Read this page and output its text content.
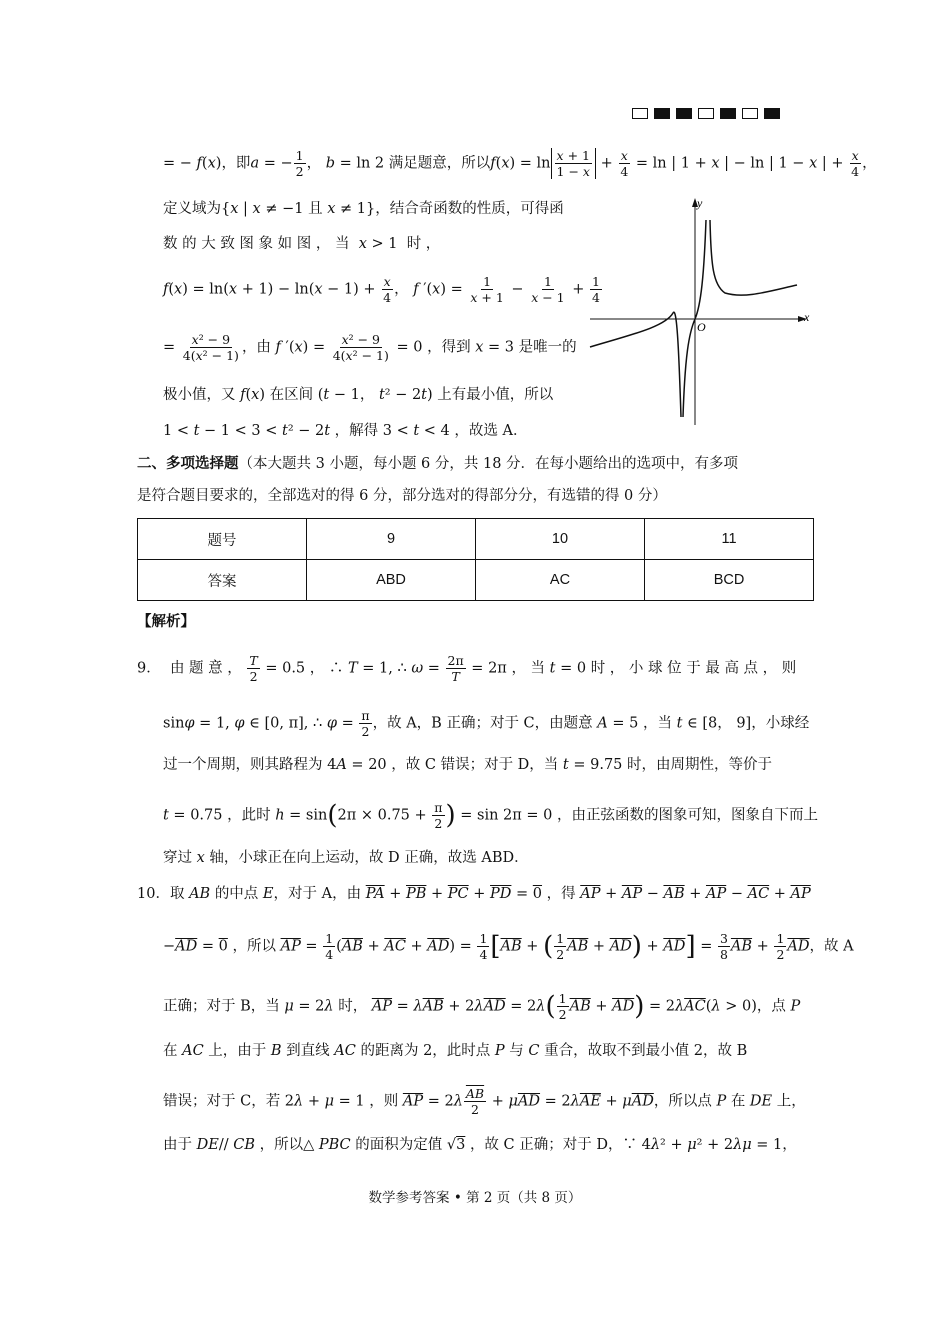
= − f(x)，即a = − $\frac{1}{2}$ ， b = ln 2 满足题意，所以$f(x) = \ln \frac{x + 1}{1 - x} + \frac{x}{4} = \ln$ | 1 + x | − ln | 1 − x | + $\frac{x}{4}$ ，
定义域为{x | x ≠ −1 且 x ≠ 1}，结合奇函数的性质，可得函
数 的 大 致 图 象 如 图 ， 当 x > 1  时 ，
$f(x) = \ln(x + 1) - \ln(x - 1) + \frac{x}{4}$ ， f $'(x) = \frac{1}{x + 1} - \frac{1}{x - 1} + \frac{1}{4}$
= $\frac{\text{x² − 9}}{\text{4(x² − 1)}}$ ，由 f $'(x) = \frac{\text{x² − 9}}{\text{4(x² − 1)}} = 0$ ，得到 x = 3 是唯一的
极小值，又 f(x) 在区间 (t − 1， t² − 2t) 上有最小值，所以
1 < t − 1 < 3 < t² − 2t ，解得 3 < t < 4 ，故选 A．
y
x
O
二、多项选择题（本大题共 3 小题，每小题 6 分，共 18 分．在每小题给出的选项中，有多项
是符合题目要求的，全部选对的得 6 分，部分选对的得部分分，有选错的得 0 分）
题号	9	10	11
答案	ABD	AC	BCD
【解析】
9． 由 题 意 ， $\frac{T}{2} = 0.5$ ， ∴ T = 1, ∴ $\omega = \frac{2\pi}{T} = 2\pi$ ， 当 t = 0 时 ， 小 球 位 于 最 高 点 ， 则
sinφ = 1, φ ∈ [0, π], ∴ $\varphi = \frac{\pi}{2}$ ，故 A，B 正确；对于 C，由题意 A = 5 ，当 t ∈ [8， 9]，小球经
过一个周期，则其路程为 4A = 20 ，故 C 错误；对于 D，当 t = 9.75 时，由周期性，等价于
t = 0.75 ，此时 $h = \sin(2\pi \times 0.75 + \frac{\pi}{2}$ ) = sin 2π = 0 ，由正弦函数的图象可知，图象自下而上
穿过 x 轴，小球正在向上运动，故 D 正确，故选 ABD．
10．取 AB 的中点 E，对于 A，由 $\overline{PA} + \overline{PB} + \overline{PC} + \overline{PD} = 0$ ，得 $\overline{AP} + \overline{AP} - \overline{AB} + \overline{AP} - \overline{AC} + \overline{AP}$
$-\overline{AD} = 0$ ，所以 $\overline{AP} = \frac{1}{4} (\overline{AB} + \overline{AC} + \overline{AD}) = \frac{1}{4} [\overline{AB}$ + ( $\frac{1}{2} \overline{AB} + \overline{AD}) + \overline{AD}] = \frac{3}{8} \overline{AB} + \frac{1}{2} \overline{AD}$，故 A
正确；对于 B，当 μ = 2λ 时， $\overline{AP} = \lambda\overline{AB} + 2\lambda\overline{AD} = 2\lambda( \frac{1}{2} \overline{AB} + \overline{AD}) = 2\lambda\overline{AC}(\lambda > 0)$，点 P
在 AC 上，由于 B 到直线 AC 的距离为 2，此时点 P 与 C 重合，故取不到最小值 2，故 B
错误；对于 C，若 2λ + μ = 1 ，则 $\overline{AP} = 2\lambda \frac{\overline{AB}}{2} + \mu\overline{AD} = 2\lambda\overline{AE} + \mu\overline{AD}$，所以点 P 在 DE 上，
由于 DE// CB ，所以△ PBC 的面积为定值 √3 ，故 C 正确；对于 D，∵ 4λ² + μ² + 2λμ = 1，
数学参考答案 • 第 2 页（共 8 页）
